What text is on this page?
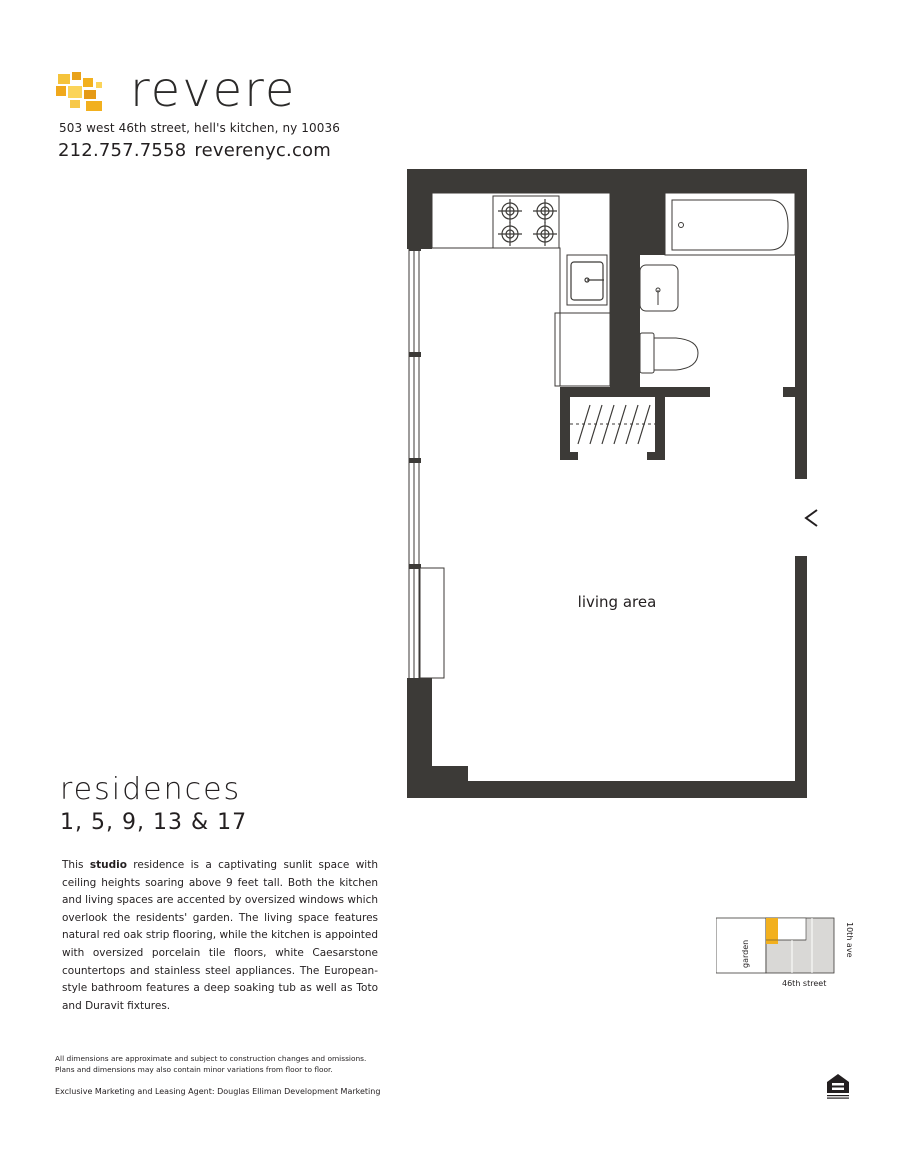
revere
503 west 46th street, hell's kitchen, ny 10036
212.757.7558 reverenyc.com
living area
residences
1, 5, 9, 13 & 17
This studio residence is a captivating sunlit space with ceiling heights soaring above 9 feet tall. Both the kitchen and living spaces are accented by oversized windows which overlook the residents' garden. The living space features natural red oak strip flooring, while the kitchen is appointed with oversized porcelain tile floors, white Caesarstone countertops and stainless steel appliances. The European-style bathroom features a deep soaking tub as well as Toto and Duravit fixtures.
garden	10th ave
46th street
All dimensions are approximate and subject to construction changes and omissions.
Plans and dimensions may also contain minor variations from floor to floor.
Exclusive Marketing and Leasing Agent: Douglas Elliman Development Marketing
